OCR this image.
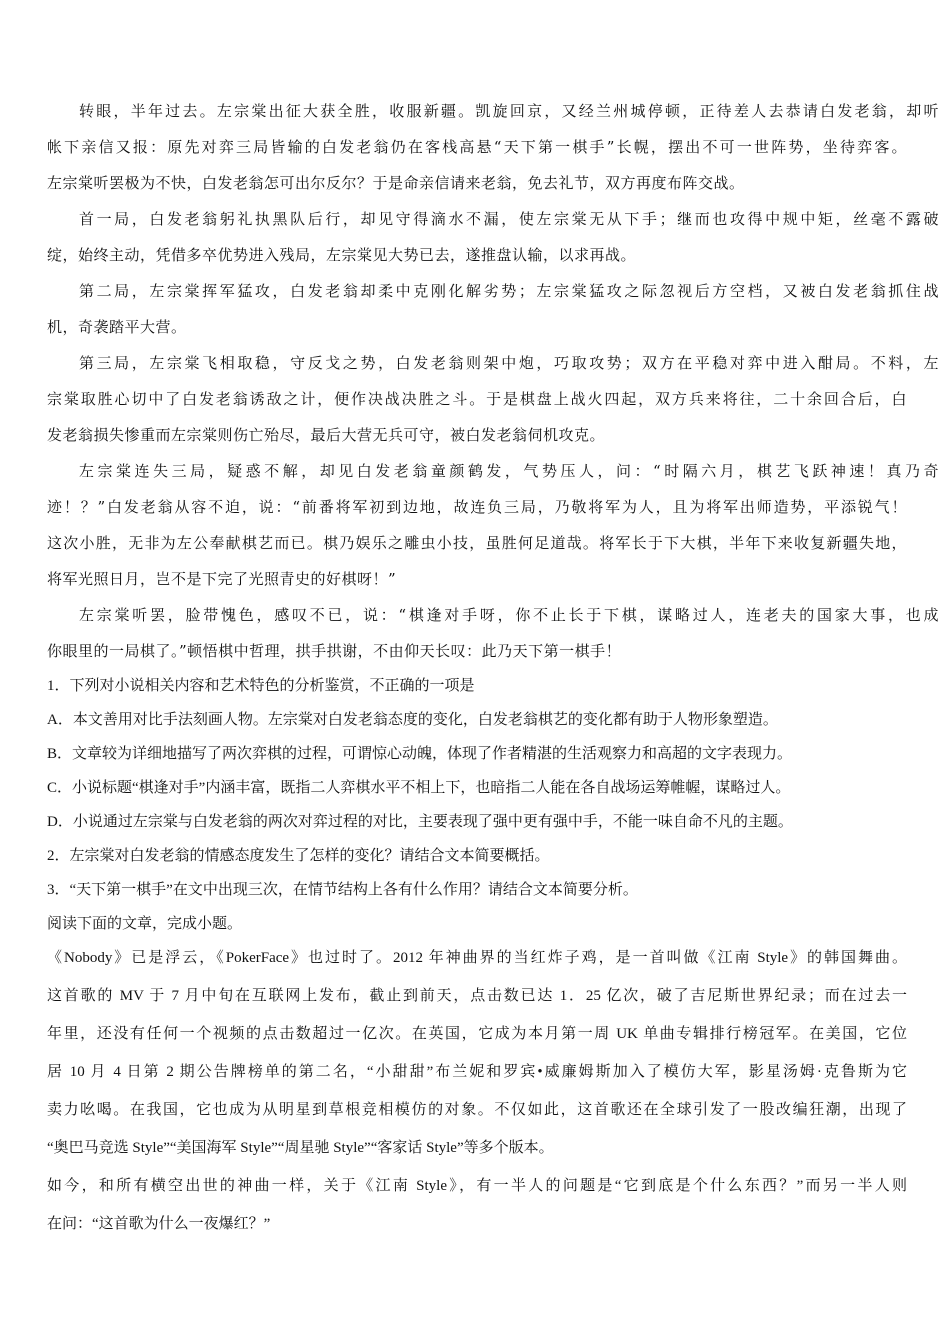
转眼，半年过去。左宗棠出征大获全胜，收服新疆。凯旋回京，又经兰州城停顿，正待差人去恭请白发老翁，却听
帐下亲信又报：原先对弈三局皆输的白发老翁仍在客栈高悬“天下第一棋手”长幌，摆出不可一世阵势，坐待弈客。
左宗棠听罢极为不快，白发老翁怎可出尔反尔？于是命亲信请来老翁，免去礼节，双方再度布阵交战。
首一局，白发老翁躬礼执黑队后行，却见守得滴水不漏，使左宗棠无从下手；继而也攻得中规中矩，丝毫不露破
绽，始终主动，凭借多卒优势进入残局，左宗棠见大势已去，遂推盘认输，以求再战。
第二局，左宗棠挥军猛攻，白发老翁却柔中克刚化解劣势；左宗棠猛攻之际忽视后方空档，又被白发老翁抓住战
机，奇袭踏平大营。
第三局，左宗棠飞相取稳，守反戈之势，白发老翁则架中炮，巧取攻势；双方在平稳对弈中进入酣局。不料，左
宗棠取胜心切中了白发老翁诱敌之计，便作决战决胜之斗。于是棋盘上战火四起，双方兵来将往，二十余回合后，白
发老翁损失惨重而左宗棠则伤亡殆尽，最后大营无兵可守，被白发老翁伺机攻克。
左宗棠连失三局，疑惑不解，却见白发老翁童颜鹤发，气势压人，问：“时隔六月，棋艺飞跃神速！真乃奇
迹！？”白发老翁从容不迫，说：“前番将军初到边地，故连负三局，乃敬将军为人，且为将军出师造势，平添锐气！
这次小胜，无非为左公奉献棋艺而已。棋乃娱乐之雕虫小技，虽胜何足道哉。将军长于下大棋，半年下来收复新疆失地，
将军光照日月，岂不是下完了光照青史的好棋呀！”
左宗棠听罢，脸带愧色，感叹不已，说：“棋逢对手呀，你不止长于下棋，谋略过人，连老夫的国家大事，也成
你眼里的一局棋了。”顿悟棋中哲理，拱手拱谢，不由仰天长叹：此乃天下第一棋手！
1．下列对小说相关内容和艺术特色的分析鉴赏，不正确的一项是
A．本文善用对比手法刻画人物。左宗棠对白发老翁态度的变化，白发老翁棋艺的变化都有助于人物形象塑造。
B．文章较为详细地描写了两次弈棋的过程，可谓惊心动魄，体现了作者精湛的生活观察力和高超的文字表现力。
C．小说标题“棋逢对手”内涵丰富，既指二人弈棋水平不相上下，也暗指二人能在各自战场运筹帷幄，谋略过人。
D．小说通过左宗棠与白发老翁的两次对弈过程的对比，主要表现了强中更有强中手，不能一味自命不凡的主题。
2．左宗棠对白发老翁的情感态度发生了怎样的变化？请结合文本简要概括。
3．“天下第一棋手”在文中出现三次，在情节结构上各有什么作用？请结合文本简要分析。
阅读下面的文章，完成小题。
《Nobody》已是浮云，《PokerFace》也过时了。2012 年神曲界的当红炸子鸡，是一首叫做《江南 Style》的韩国舞曲。
这首歌的 MV 于 7 月中旬在互联网上发布，截止到前天，点击数已达 1．25 亿次，破了吉尼斯世界纪录；而在过去一
年里，还没有任何一个视频的点击数超过一亿次。在英国，它成为本月第一周 UK 单曲专辑排行榜冠军。在美国，它位
居 10 月 4 日第 2 期公告牌榜单的第二名，“小甜甜”布兰妮和罗宾•威廉姆斯加入了模仿大军，影星汤姆·克鲁斯为它
卖力吆喝。在我国，它也成为从明星到草根竞相模仿的对象。不仅如此，这首歌还在全球引发了一股改编狂潮，出现了
“奥巴马竞选 Style”“美国海军 Style”“周星驰 Style”“客家话 Style”等多个版本。
如今，和所有横空出世的神曲一样，关于《江南 Style》，有一半人的问题是“它到底是个什么东西？”而另一半人则
在问：“这首歌为什么一夜爆红？”
